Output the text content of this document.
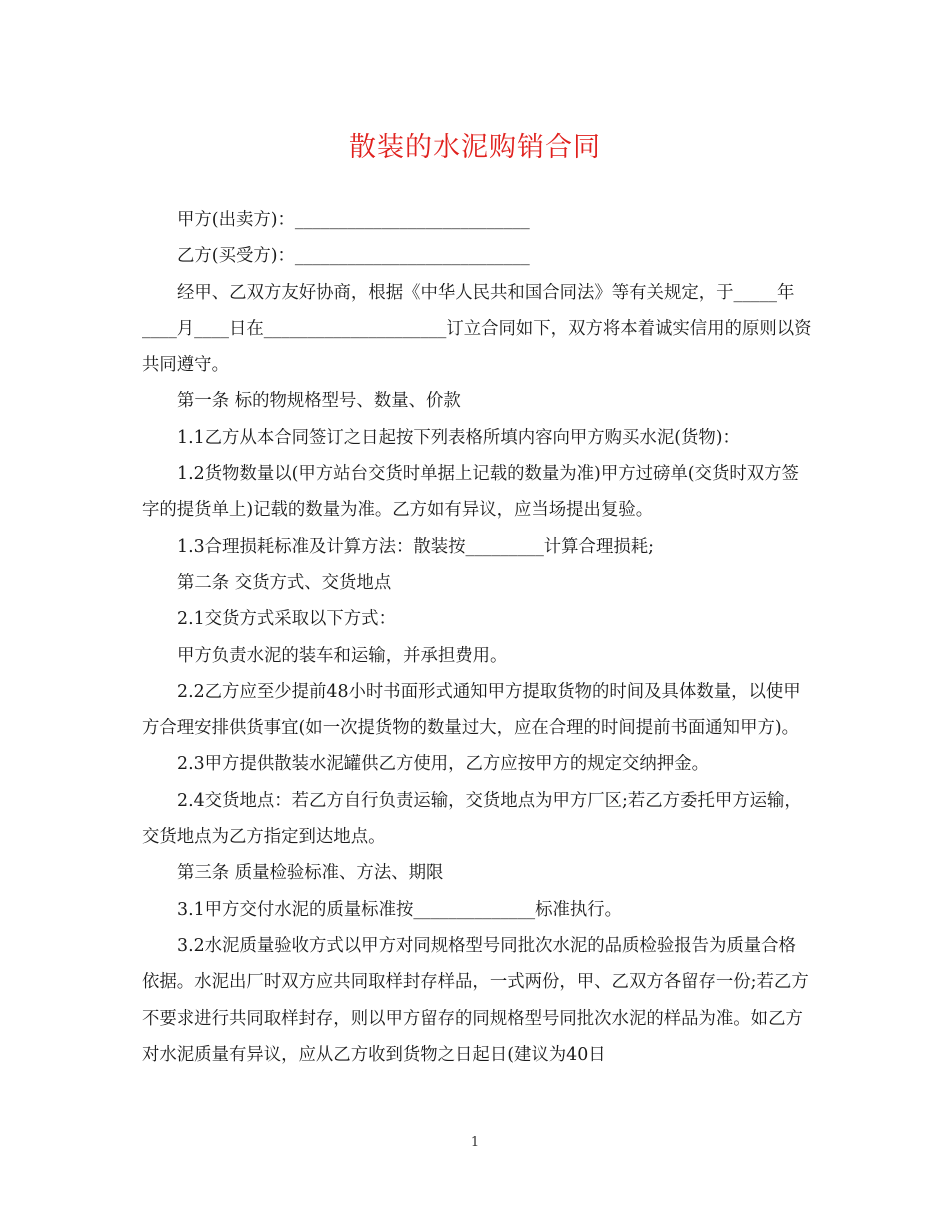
散装的水泥购销合同

甲方(出卖方)：___________________________

乙方(买受方)：___________________________

经甲、乙双方友好协商，根据《中华人民共和国合同法》等有关规定，于_____年____月____日在_____________________订立合同如下，双方将本着诚实信用的原则以资共同遵守。

第一条 标的物规格型号、数量、价款

1.1乙方从本合同签订之日起按下列表格所填内容向甲方购买水泥(货物)：

1.2货物数量以(甲方站台交货时单据上记载的数量为准)甲方过磅单(交货时双方签字的提货单上)记载的数量为准。乙方如有异议，应当场提出复验。

1.3合理损耗标准及计算方法：散装按_________计算合理损耗;

第二条 交货方式、交货地点

2.1交货方式采取以下方式：

甲方负责水泥的装车和运输，并承担费用。

2.2乙方应至少提前48小时书面形式通知甲方提取货物的时间及具体数量，以使甲方合理安排供货事宜(如一次提货物的数量过大，应在合理的时间提前书面通知甲方)。

2.3甲方提供散装水泥罐供乙方使用，乙方应按甲方的规定交纳押金。

2.4交货地点：若乙方自行负责运输，交货地点为甲方厂区;若乙方委托甲方运输，交货地点为乙方指定到达地点。

第三条 质量检验标准、方法、期限

3.1甲方交付水泥的质量标准按______________标准执行。

3.2水泥质量验收方式以甲方对同规格型号同批次水泥的品质检验报告为质量合格依据。水泥出厂时双方应共同取样封存样品，一式两份，甲、乙双方各留存一份;若乙方不要求进行共同取样封存，则以甲方留存的同规格型号同批次水泥的样品为准。如乙方对水泥质量有异议，应从乙方收到货物之日起日(建议为40日

1
